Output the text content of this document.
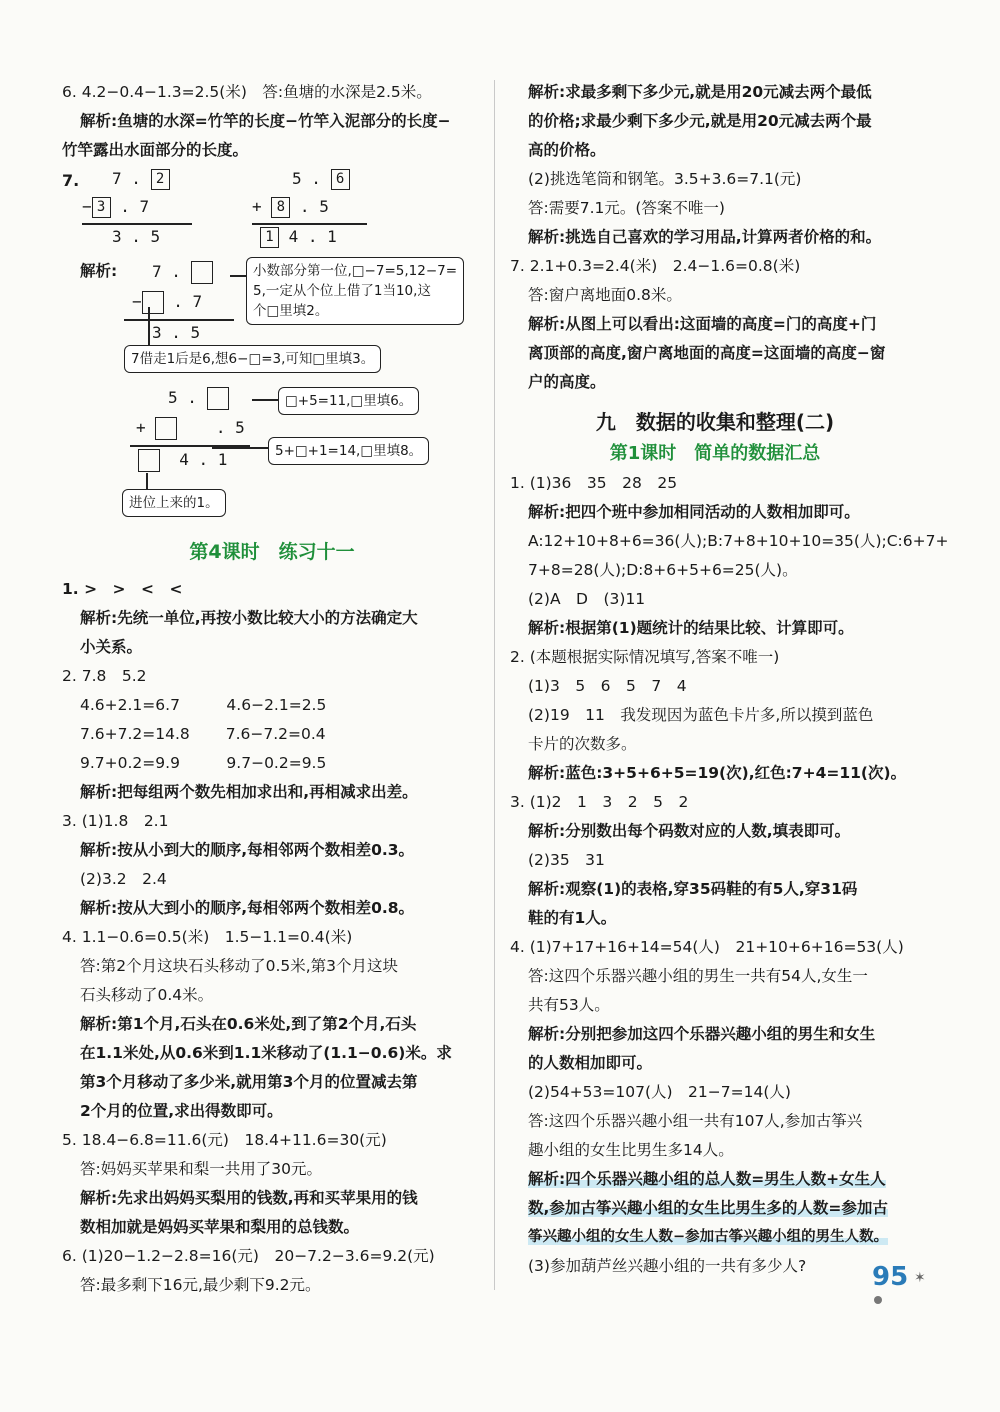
6. 4.2−0.4−1.3=2.5(米)　答:鱼塘的水深是2.5米。
解析:鱼塘的水深=竹竿的长度−竹竿入泥部分的长度−
竹竿露出水面部分的长度。
7. 7 . 2
− 3 . 7
3 . 5
5 . 6
+ 8 . 5
1 4 . 1
解析: 7 .
− . 7
3 . 5
小数部分第一位,□−7=5,12−7=
5,一定从个位上借了1当10,这
个□里填2。
7借走1后是6,想6−□=3,可知□里填3。
5 .
+	. 5
4 . 1
□+5=11,□里填6。
5+□+1=14,□里填8。
进位上来的1。
第4课时　练习十一
1. >　>　<　<
解析:先统一单位,再按小数比较大小的方法确定大
小关系。
2. 7.8　5.2
4.6+2.1=6.7　　　4.6−2.1=2.5
7.6+7.2=14.8　　 7.6−7.2=0.4
9.7+0.2=9.9　　　9.7−0.2=9.5
解析:把每组两个数先相加求出和,再相减求出差。
3. (1)1.8　2.1
解析:按从小到大的顺序,每相邻两个数相差0.3。
(2)3.2　2.4
解析:按从大到小的顺序,每相邻两个数相差0.8。
4. 1.1−0.6=0.5(米)　1.5−1.1=0.4(米)
答:第2个月这块石头移动了0.5米,第3个月这块
石头移动了0.4米。
解析:第1个月,石头在0.6米处,到了第2个月,石头
在1.1米处,从0.6米到1.1米移动了(1.1−0.6)米。求
第3个月移动了多少米,就用第3个月的位置减去第
2个月的位置,求出得数即可。
5. 18.4−6.8=11.6(元)　18.4+11.6=30(元)
答:妈妈买苹果和梨一共用了30元。
解析:先求出妈妈买梨用的钱数,再和买苹果用的钱
数相加就是妈妈买苹果和梨用的总钱数。
6. (1)20−1.2−2.8=16(元)　20−7.2−3.6=9.2(元)
答:最多剩下16元,最少剩下9.2元。
解析:求最多剩下多少元,就是用20元减去两个最低
的价格;求最少剩下多少元,就是用20元减去两个最
高的价格。
(2)挑选笔筒和钢笔。3.5+3.6=7.1(元)
答:需要7.1元。(答案不唯一)
解析:挑选自己喜欢的学习用品,计算两者价格的和。
7. 2.1+0.3=2.4(米)　2.4−1.6=0.8(米)
答:窗户离地面0.8米。
解析:从图上可以看出:这面墙的高度=门的高度+门
离顶部的高度,窗户离地面的高度=这面墙的高度−窗
户的高度。
九　数据的收集和整理(二)
第1课时　简单的数据汇总
1. (1)36　35　28　25
解析:把四个班中参加相同活动的人数相加即可。
A:12+10+8+6=36(人);B:7+8+10+10=35(人);C:6+7+
7+8=28(人);D:8+6+5+6=25(人)。
(2)A　D　(3)11
解析:根据第(1)题统计的结果比较、计算即可。
2. (本题根据实际情况填写,答案不唯一)
(1)3　5　6　5　7　4
(2)19　11　我发现因为蓝色卡片多,所以摸到蓝色
卡片的次数多。
解析:蓝色:3+5+6+5=19(次),红色:7+4=11(次)。
3. (1)2　1　3　2　5　2
解析:分别数出每个码数对应的人数,填表即可。
(2)35　31
解析:观察(1)的表格,穿35码鞋的有5人,穿31码
鞋的有1人。
4. (1)7+17+16+14=54(人)　21+10+6+16=53(人)
答:这四个乐器兴趣小组的男生一共有54人,女生一
共有53人。
解析:分别把参加这四个乐器兴趣小组的男生和女生
的人数相加即可。
(2)54+53=107(人)　21−7=14(人)
答:这四个乐器兴趣小组一共有107人,参加古筝兴
趣小组的女生比男生多14人。
解析:四个乐器兴趣小组的总人数=男生人数+女生人
数,参加古筝兴趣小组的女生比男生多的人数=参加古
筝兴趣小组的女生人数−参加古筝兴趣小组的男生人数。
(3)参加葫芦丝兴趣小组的一共有多少人?	95 ✶
